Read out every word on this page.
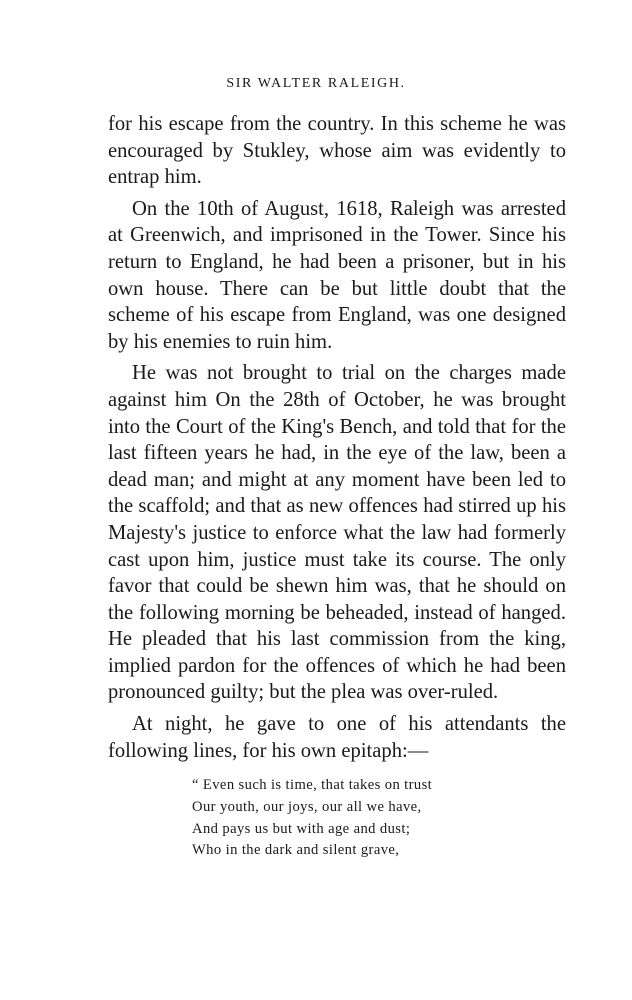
SIR WALTER RALEIGH.

for his escape from the country. In this scheme he was encouraged by Stukley, whose aim was evidently to entrap him.

On the 10th of August, 1618, Raleigh was arrested at Greenwich, and imprisoned in the Tower. Since his return to England, he had been a prisoner, but in his own house. There can be but little doubt that the scheme of his escape from England, was one designed by his enemies to ruin him.

He was not brought to trial on the charges made against him On the 28th of October, he was brought into the Court of the King's Bench, and told that for the last fifteen years he had, in the eye of the law, been a dead man; and might at any moment have been led to the scaffold; and that as new offences had stirred up his Majesty's justice to enforce what the law had formerly cast upon him, justice must take its course. The only favor that could be shewn him was, that he should on the following morning be beheaded, instead of hanged. He pleaded that his last commission from the king, implied pardon for the offences of which he had been pronounced guilty; but the plea was over-ruled.

At night, he gave to one of his attendants the following lines, for his own epitaph:—

“ Even such is time, that takes on trust
Our youth, our joys, our all we have,
And pays us but with age and dust;
Who in the dark and silent grave,
